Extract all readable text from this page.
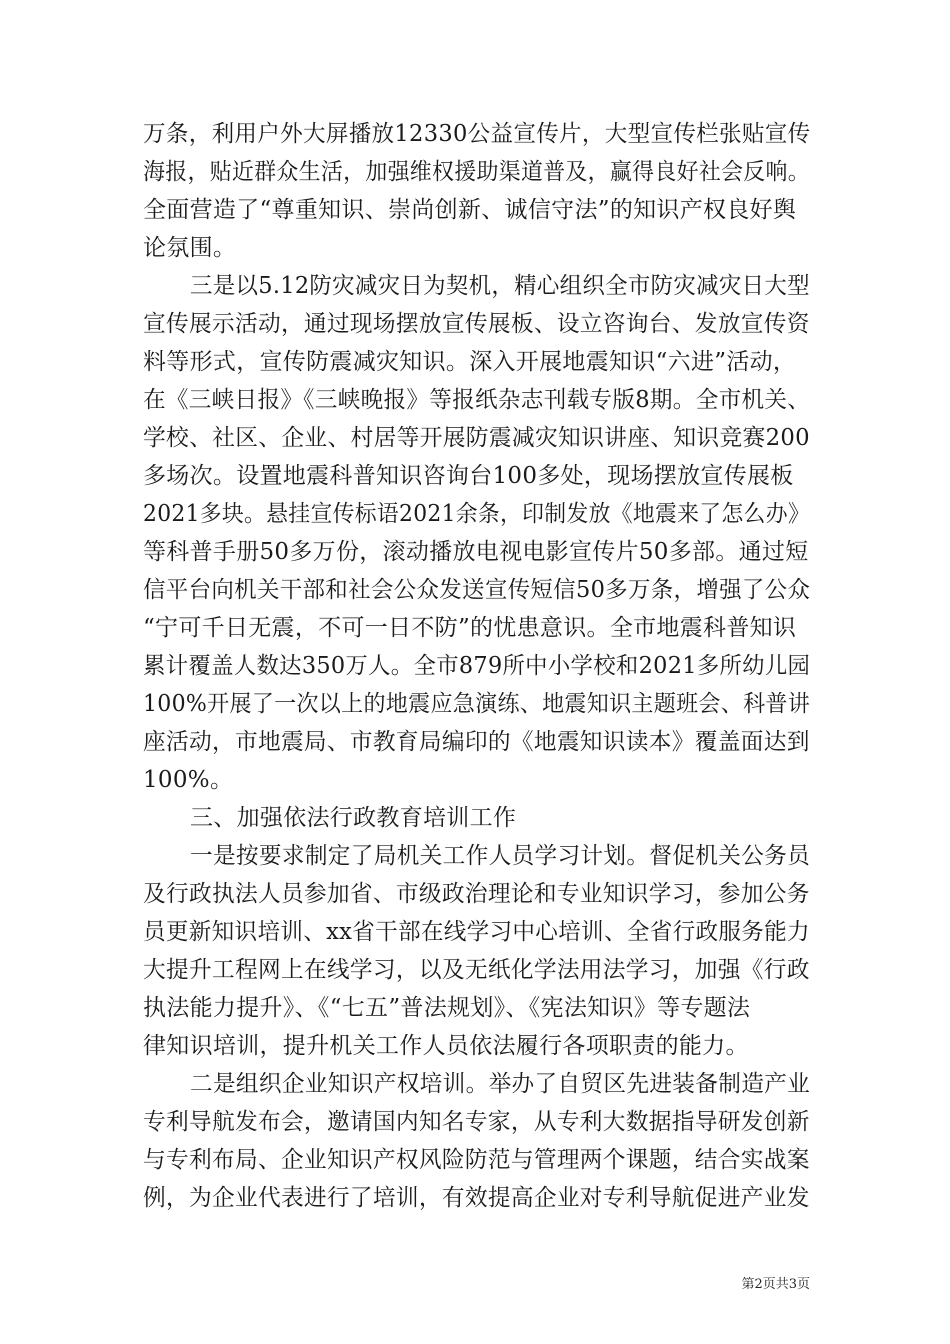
万条，利用户外大屏播放12330公益宣传片，大型宣传栏张贴宣传
海报，贴近群众生活，加强维权援助渠道普及，赢得良好社会反响。
全面营造了“尊重知识、崇尚创新、诚信守法”的知识产权良好舆
论氛围。
三是以5.12防灾减灾日为契机，精心组织全市防灾减灾日大型
宣传展示活动，通过现场摆放宣传展板、设立咨询台、发放宣传资
料等形式，宣传防震减灾知识。深入开展地震知识“六进”活动，
在《三峡日报》《三峡晚报》等报纸杂志刊载专版8期。全市机关、
学校、社区、企业、村居等开展防震减灾知识讲座、知识竞赛200
多场次。设置地震科普知识咨询台100多处，现场摆放宣传展板
2021多块。悬挂宣传标语2021余条，印制发放《地震来了怎么办》
等科普手册50多万份，滚动播放电视电影宣传片50多部。通过短
信平台向机关干部和社会公众发送宣传短信50多万条，增强了公众
“宁可千日无震，不可一日不防”的忧患意识。全市地震科普知识
累计覆盖人数达350万人。全市879所中小学校和2021多所幼儿园
100%开展了一次以上的地震应急演练、地震知识主题班会、科普讲
座活动，市地震局、市教育局编印的《地震知识读本》覆盖面达到
100%。
三、加强依法行政教育培训工作
一是按要求制定了局机关工作人员学习计划。督促机关公务员
及行政执法人员参加省、市级政治理论和专业知识学习，参加公务
员更新知识培训、xx省干部在线学习中心培训、全省行政服务能力
大提升工程网上在线学习，以及无纸化学法用法学习，加强《行政
执法能力提升》、《“七五”普法规划》、《宪法知识》等专题法
律知识培训，提升机关工作人员依法履行各项职责的能力。
二是组织企业知识产权培训。举办了自贸区先进装备制造产业
专利导航发布会，邀请国内知名专家，从专利大数据指导研发创新
与专利布局、企业知识产权风险防范与管理两个课题，结合实战案
例，为企业代表进行了培训，有效提高企业对专利导航促进产业发
第2页共3页
